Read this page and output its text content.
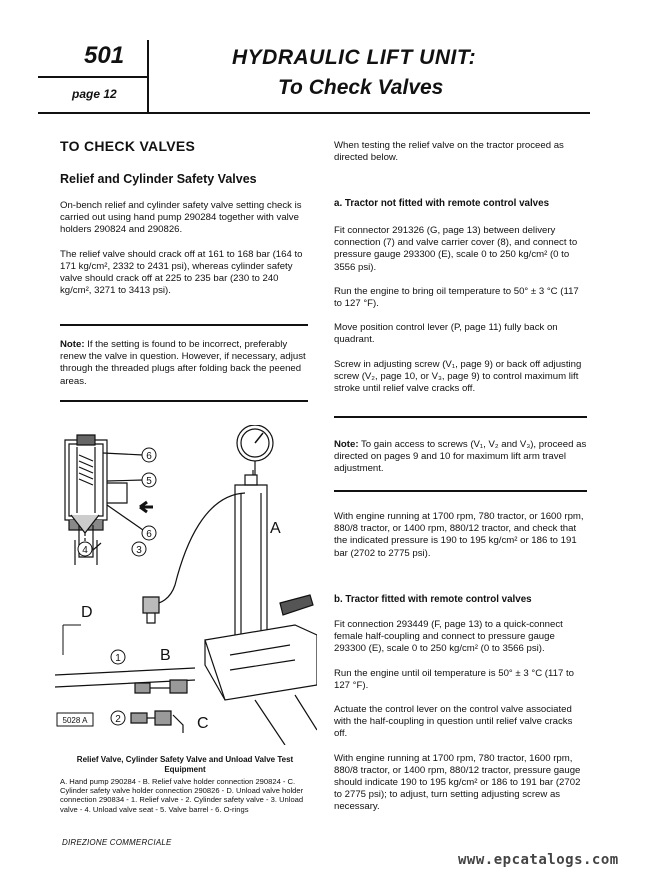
501
page 12
HYDRAULIC LIFT UNIT:
To Check Valves
TO CHECK VALVES
Relief and Cylinder Safety Valves

On-bench relief and cylinder safety valve setting check is carried out using hand pump 290284 together with valve holders 290824 and 290826.

The relief valve should crack off at 161 to 168 bar (164 to 171 kg/cm², 2332 to 2431 psi), whereas cylinder safety valve should crack off at 225 to 235 bar (230 to 240 kg/cm², 3271 to 3413 psi).

Note: If the setting is found to be incorrect, preferably renew the valve in question. However, if necessary, adjust through the threaded plugs after folding back the peened areas.

6
5
4	3
6
1
2
A
D
B
C
5028 A
Relief Valve, Cylinder Safety Valve and Unload Valve Test Equipment
A. Hand pump 290284 - B. Relief valve holder connection 290824 - C. Cylinder safety valve holder connection 290826 - D. Unload valve holder connection 290834 - 1. Relief valve - 2. Cylinder safety valve - 3. Unload valve - 4. Unload valve seat - 5. Valve barrel - 6. O-rings
When testing the relief valve on the tractor proceed as directed below.
a. Tractor not fitted with remote control valves

Fit connector 291326 (G, page 13) between delivery connection (7) and valve carrier cover (8), and connect to pressure gauge 293300 (E), scale 0 to 250 kg/cm² (0 to 3556 psi).

Run the engine to bring oil temperature to 50° ± 3 °C (117 to 127 °F).

Move position control lever (P, page 11) fully back on quadrant.

Screw in adjusting screw (V₁, page 9) or back off adjusting screw (V₂, page 10, or V₃, page 9) to control maximum lift stroke until relief valve cracks off.

Note: To gain access to screws (V₁, V₂ and V₃), proceed as directed on pages 9 and 10 for maximum lift arm travel adjustment.

With engine running at 1700 rpm, 780 tractor, or 1600 rpm, 880/8 tractor, or 1400 rpm, 880/12 tractor, and check that the indicated pressure is 190 to 195 kg/cm² or 186 to 191 bar (2702 to 2775 psi).
b. Tractor fitted with remote control valves

Fit connection 293449 (F, page 13) to a quick-connect female half-coupling and connect to pressure gauge 293300 (E), scale 0 to 250 kg/cm² (0 to 3566 psi).

Run the engine until oil temperature is 50° ± 3 °C (117 to 127 °F).

Actuate the control lever on the control valve associated with the half-coupling in question until relief valve cracks off.

With engine running at 1700 rpm, 780 tractor, 1600 rpm, 880/8 tractor, or 1400 rpm, 880/12 tractor, pressure gauge should indicate 190 to 195 kg/cm² or 186 to 191 bar (2702 to 2775 psi); to adjust, turn setting adjusting screw as necessary.

DIREZIONE COMMERCIALE
www.epcatalogs.com
